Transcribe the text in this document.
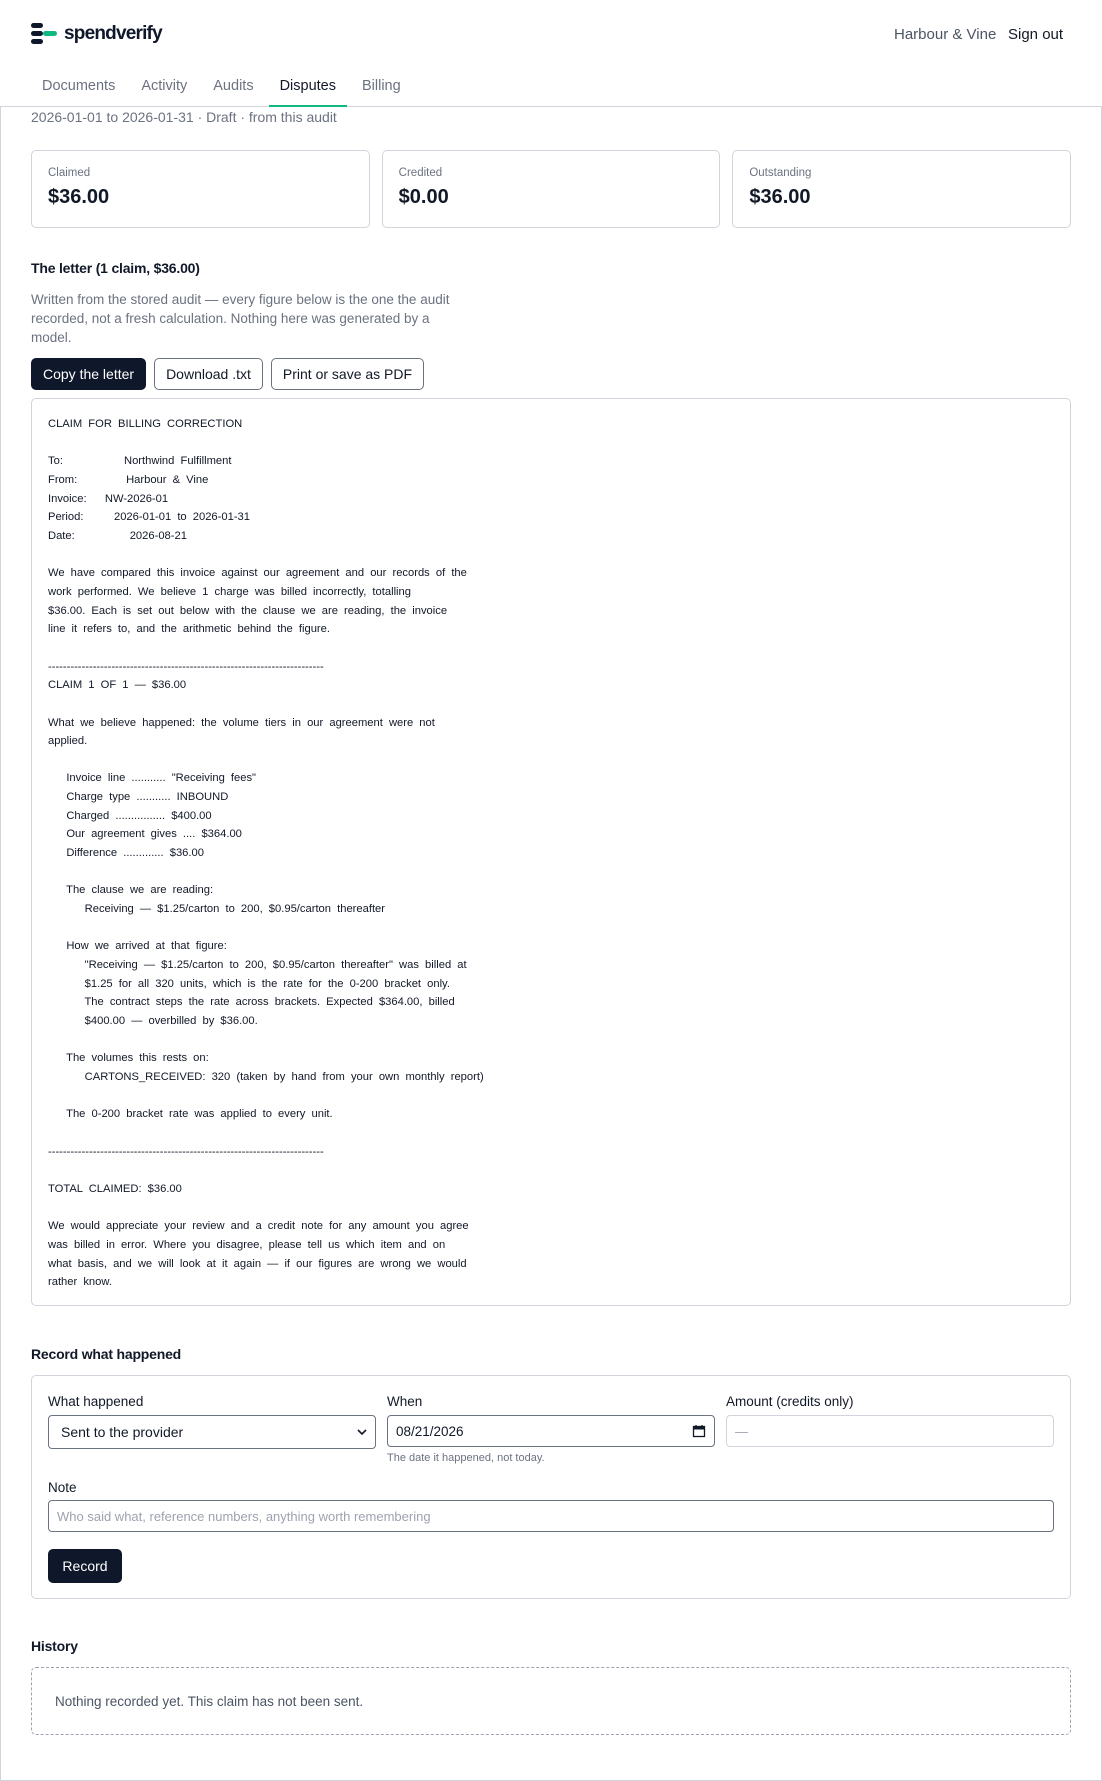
spendverify	Harbour & Vine Sign out
Documents	Activity	Audits	Disputes	Billing
2026-01-01 to 2026-01-31 · Draft · from this audit
Claimed
$36.00
Credited
$0.00
Outstanding
$36.00
The letter (1 claim, $36.00)
Written from the stored audit — every figure below is the one the audit recorded, not a fresh calculation. Nothing here was generated by a model.
Copy the letter	Download .txt	Print or save as PDF
CLAIM FOR BILLING CORRECTION

To:          Northwind Fulfillment
From:        Harbour & Vine
Invoice:   NW-2026-01
Period:     2026-01-01 to 2026-01-31
Date:         2026-08-21

We have compared this invoice against our agreement and our records of the
work performed. We believe 1 charge was billed incorrectly, totalling
$36.00. Each is set out below with the clause we are reading, the invoice
line it refers to, and the arithmetic behind the figure.

--------------------------------------------------------------------------
CLAIM 1 OF 1 — $36.00

What we believe happened: the volume tiers in our agreement were not
applied.

Invoice line ........... "Receiving fees"
Charge type ........... INBOUND
Charged ................ $400.00
Our agreement gives .... $364.00
Difference ............. $36.00

The clause we are reading:
Receiving — $1.25/carton to 200, $0.95/carton thereafter

How we arrived at that figure:
"Receiving — $1.25/carton to 200, $0.95/carton thereafter" was billed at
$1.25 for all 320 units, which is the rate for the 0-200 bracket only.
The contract steps the rate across brackets. Expected $364.00, billed
$400.00 — overbilled by $36.00.

The volumes this rests on:
CARTONS_RECEIVED: 320 (taken by hand from your own monthly report)

The 0-200 bracket rate was applied to every unit.

--------------------------------------------------------------------------

TOTAL CLAIMED: $36.00

We would appreciate your review and a credit note for any amount you agree
was billed in error. Where you disagree, please tell us which item and on
what basis, and we will look at it again — if our figures are wrong we would
rather know.
Record what happened
What happened
Sent to the provider
When
08/21/2026
The date it happened, not today.
Amount (credits only)
—
Note
Who said what, reference numbers, anything worth remembering
Record
History
Nothing recorded yet. This claim has not been sent.
